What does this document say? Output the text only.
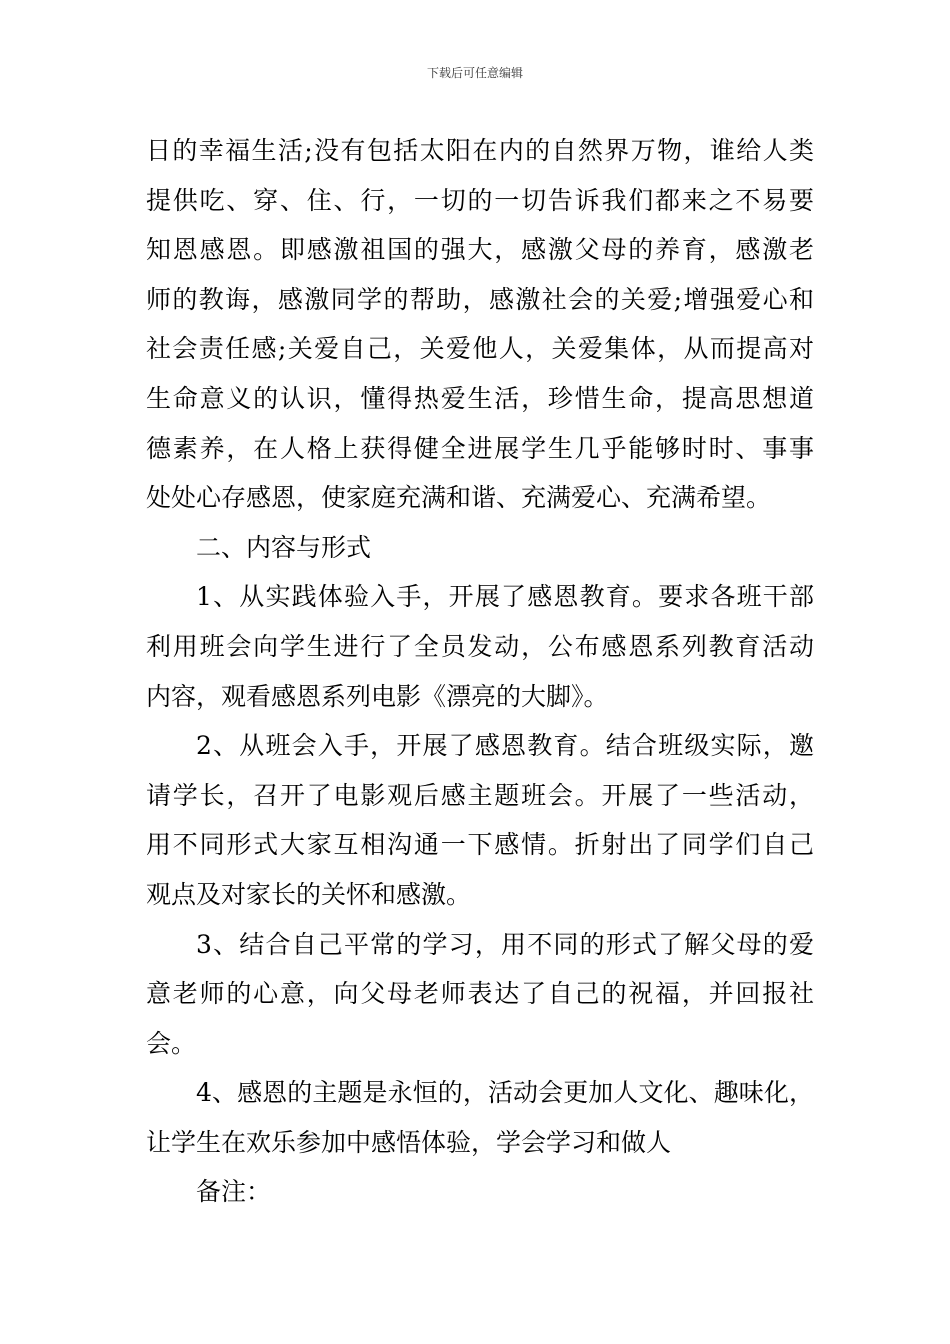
下载后可任意编辑
日的幸福生活;没有包括太阳在内的自然界万物，谁给人类
提供吃、穿、住、行，一切的一切告诉我们都来之不易要
知恩感恩。即感激祖国的强大，感激父母的养育，感激老
师的教诲，感激同学的帮助，感激社会的关爱;增强爱心和
社会责任感;关爱自己，关爱他人，关爱集体，从而提高对
生命意义的认识，懂得热爱生活，珍惜生命，提高思想道
德素养，在人格上获得健全进展学生几乎能够时时、事事
处处心存感恩，使家庭充满和谐、充满爱心、充满希望。
二、内容与形式
1、从实践体验入手，开展了感恩教育。要求各班干部
利用班会向学生进行了全员发动，公布感恩系列教育活动
内容，观看感恩系列电影《漂亮的大脚》。
2、从班会入手，开展了感恩教育。结合班级实际，邀
请学长，召开了电影观后感主题班会。开展了一些活动，
用不同形式大家互相沟通一下感情。折射出了同学们自己
观点及对家长的关怀和感激。
3、结合自己平常的学习，用不同的形式了解父母的爱
意老师的心意，向父母老师表达了自己的祝福，并回报社
会。
4、感恩的主题是永恒的，活动会更加人文化、趣味化，
让学生在欢乐参加中感悟体验，学会学习和做人
备注：
